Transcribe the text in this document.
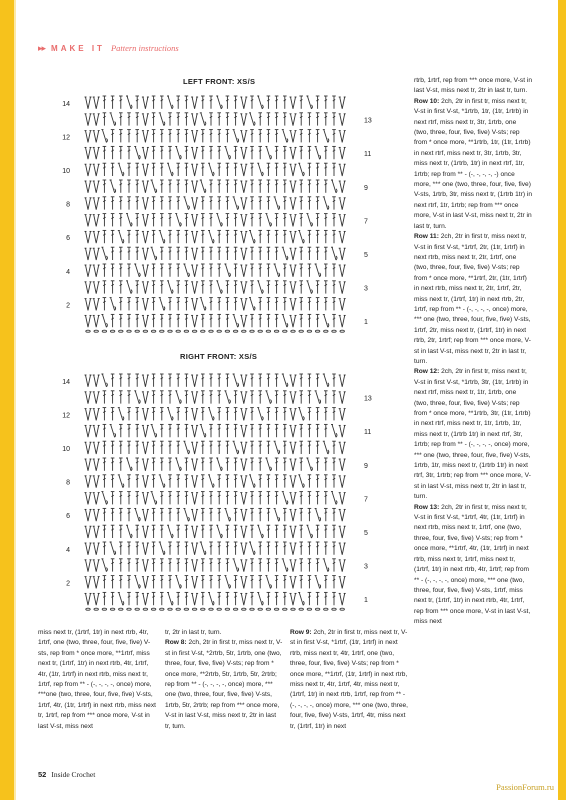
▸▸ MAKE IT Pattern instructions
LEFT FRONT: XS/S
14
13
12
11
10
9
8
7
6
5
4
3
2
1
RIGHT FRONT: XS/S
14
13
12
11
10
9
8
7
6
5
4
3
2
1

rtrb, 1rtrf, rep from *** once more, V-st in last V-st, miss next tr, 2tr in last tr, turn.

Row 10: 2ch, 2tr in first tr, miss next tr, V-st in first V-st, *1rtrb, 1tr, (1tr, 1rtrb) in next rtrf, miss next tr, 3tr, 1rtrb, one (two, three, four, five, five) V-sts; rep from * once more, **1rtrb, 1tr, (1tr, 1rtrb) in next rtrf, miss next tr, 3tr, 1rtrb, 3tr, miss next tr, (1rtrb, 1tr) in next rtrf, 1tr, 1rtrb; rep from ** - (-, -, -, -, -) once more, *** one (two, three, four, five, five) V-sts, 1rtrb, 3tr, miss next tr, (1rtrb 1tr) in next rtrf, 1tr, 1rtrb; rep from *** once more, V-st in last V-st, miss next tr, 2tr in last tr, turn.

Row 11: 2ch, 2tr in first tr, miss next tr, V-st in first V-st, *1rtrf, 2tr, (1tr, 1rtrf) in next rtrb, miss next tr, 2tr, 1rtrf, one (two, three, four, five, five) V-sts; rep from * once more, **1rtrf, 2tr, (1tr, 1rtrf) in next rtrb, miss next tr, 2tr, 1rtrf, 2tr, miss next tr, (1rtrf, 1tr) in next rtrb, 2tr, 1rtrf, rep from ** - (-, -, -, -, once) more, *** one (two, three, four, five, five) V-sts, 1rtrf, 2tr, miss next tr, (1rtrf, 1tr) in next rtrb, 2tr, 1rtrf; rep from *** once more, V-st in last V-st, miss next tr, 2tr in last tr, turn.

Row 12: 2ch, 2tr in first tr, miss next tr, V-st in first V-st, *1rtrb, 3tr, (1tr, 1rtrb) in next rtrf, miss next tr, 1tr, 1rtrb, one (two, three, four, five, five) V-sts; rep from * once more, **1rtrb, 3tr, (1tr, 1rtrb) in next rtrf, miss next tr, 1tr, 1rtrb, 1tr, miss next tr, (1rtrb 1tr) in next rtrf, 3tr, 1rtrb; rep from ** - (-, -, -, -, once) more, *** one (two, three, four, five, five) V-sts, 1rtrb, 1tr, miss next tr, (1rtrb 1tr) in next rtrf, 3tr, 1rtrb; rep from *** once more, V-st in last V-st, miss next tr, 2tr in last tr, turn.

Row 13: 2ch, 2tr in first tr, miss next tr, V-st in first V-st, *1rtrf, 4tr, (1tr, 1rtrf) in next rtrb, miss next tr, 1rtrf, one (two, three, four, five, five) V-sts; rep from * once more, **1rtrf, 4tr, (1tr, 1rtrf) in next rtrb, miss next tr, 1rtrf, miss next tr, (1rtrf, 1tr) in next rtrb, 4tr, 1rtrf; rep from ** - (-, -, -, -, once) more, *** one (two, three, four, five, five) V-sts, 1rtrf, miss next tr, (1rtrf, 1tr) in next rtrb, 4tr, 1rtrf, rep from *** once more, V-st in last V-st, miss next

miss next tr, (1rtrf, 1tr) in next rtrb, 4tr, 1rtrf, one (two, three, four, five, five) V-sts, rep from * once more, **1rtrf, miss next tr, (1rtrf, 1tr) in next rtrb, 4tr, 1rtrf, 4tr, (1tr, 1rtrf) in next rtrb, miss next tr, 1rtrf, rep from ** - (-, -, -, -, once) more,   ***one (two, three, four, five, five) V-sts, 1rtrf, 4tr, (1tr, 1rtrf) in next rtrb, miss next tr, 1rtrf, rep from *** once more, V-st in last V-st, miss next

tr, 2tr in last tr, turn.

Row 8: 2ch, 2tr in first tr, miss next tr, V-st in first V-st, *2rtrb, 5tr, 1rtrb, one (two, three, four, five, five) V-sts; rep from * once more, **2rtrb, 5tr, 1rtrb, 5tr, 2rtrb; rep from ** - (-, -, -, -, once) more, *** one (two, three, four, five, five) V-sts, 1rtrb, 5tr, 2rtrb; rep from *** once more, V-st in last V-st, miss next tr, 2tr in last tr, turn.

Row 9: 2ch, 2tr in first tr, miss next tr, V-st in first V-st, *1rtrf, (1tr, 1rtrf) in next rtrb, miss next tr, 4tr, 1rtrf, one (two, three, four, five, five) V-sts; rep from * once more, **1rtrf, (1tr, 1rtrf) in next rtrb, miss next tr, 4tr, 1rtrf, 4tr, miss next tr, (1rtrf, 1tr) in next rtrb, 1rtrf, rep from ** - (-, -, -, -, once) more, *** one (two, three, four, five, five) V-sts, 1rtrf, 4tr, miss next tr, (1rtrf, 1tr) in next

52 Inside Crochet
PassionForum.ru
